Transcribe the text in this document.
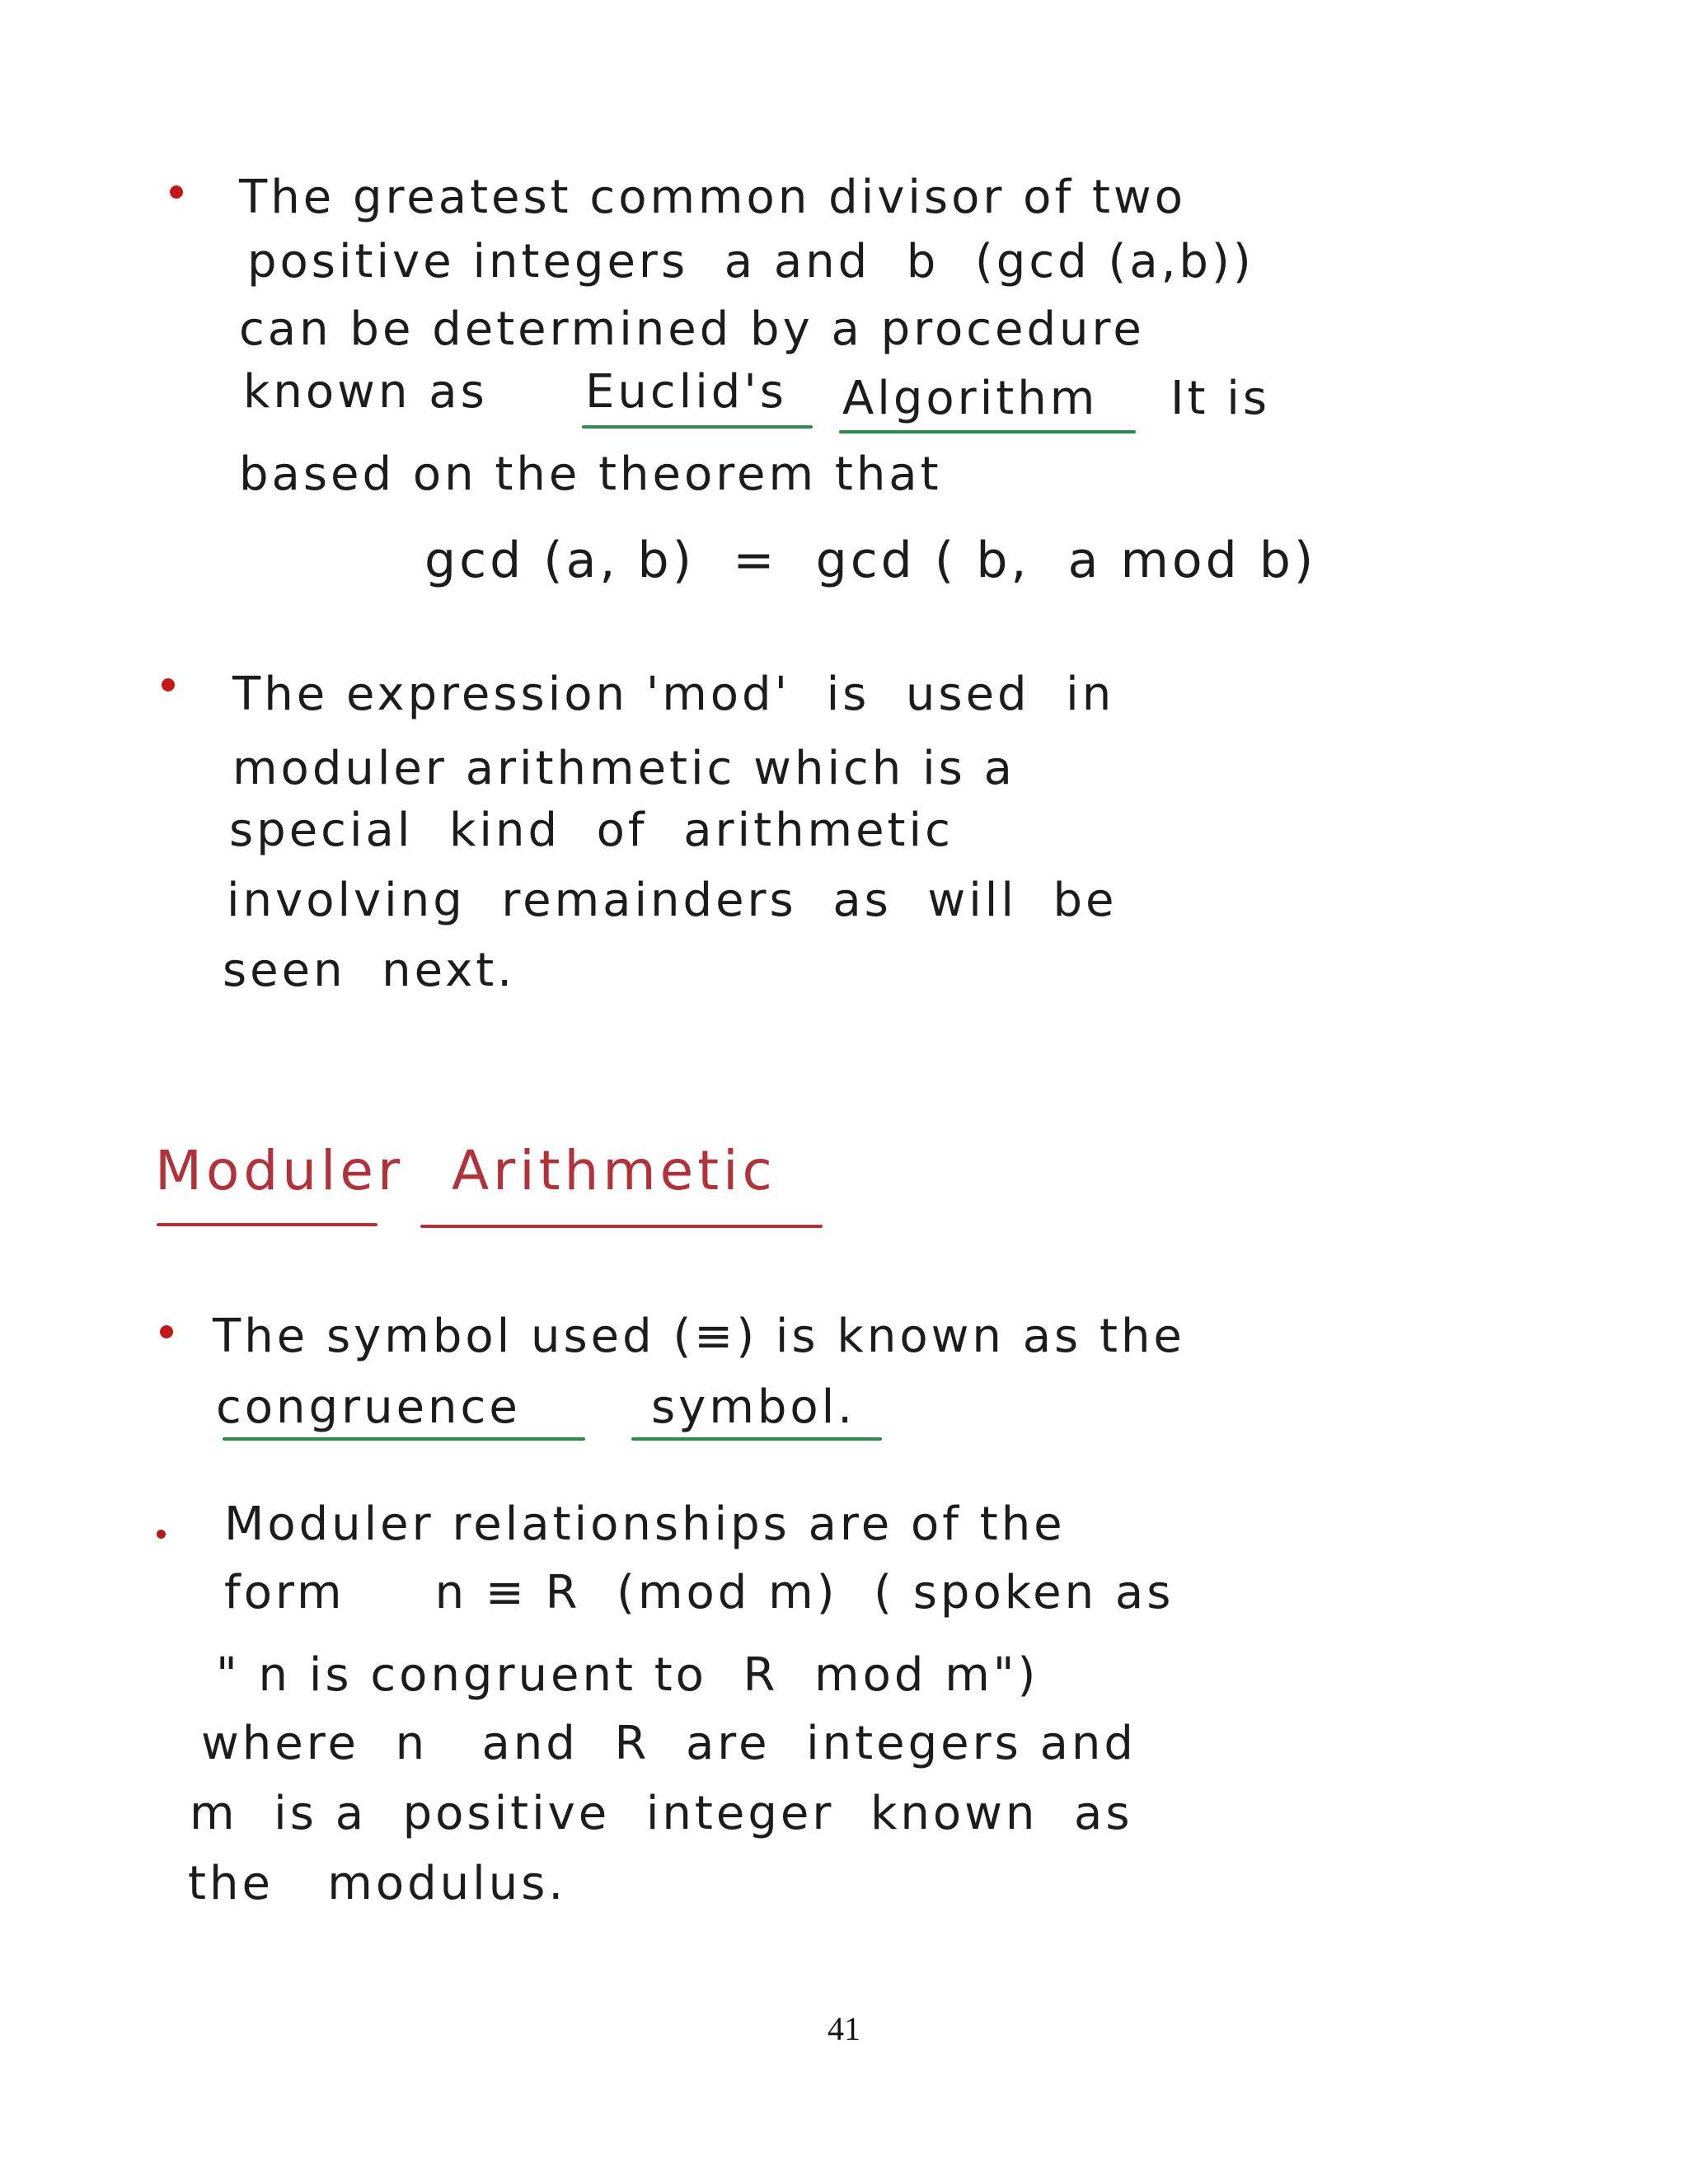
The greatest common divisor of two
positive integers  a and  b  (gcd (a,b))
can be determined by a procedure
known as Euclid's Algorithm It is
based on the theorem that
gcd (a, b)  =  gcd ( b,  a mod b)
The expression 'mod'  is  used  in
moduler arithmetic which is a
special  kind  of  arithmetic
involving  remainders  as  will  be
seen  next.
Moduler Arithmetic
The symbol used (≡) is known as the
congruence	symbol.
Moduler relationships are of the
form     n ≡ R  (mod m)  ( spoken as
" n is congruent to  R  mod m")
where  n   and  R  are  integers and
m  is a  positive  integer  known  as
the   modulus.
41
